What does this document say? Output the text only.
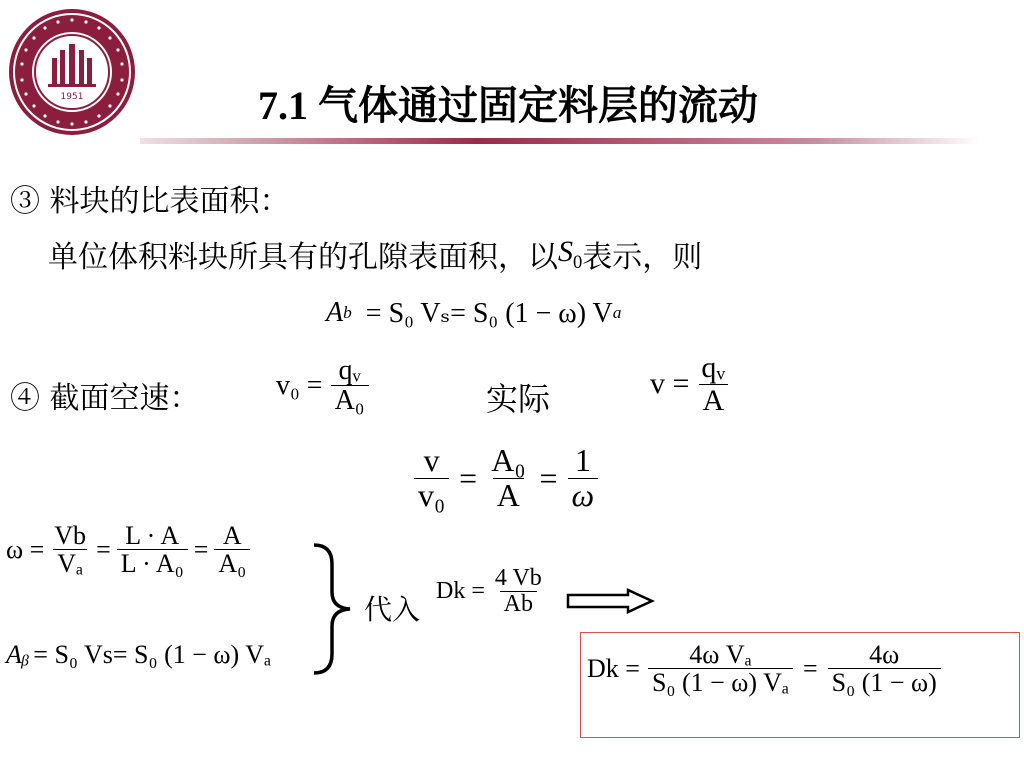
1951	7.1 气体通过固定料层的流动
③ 料块的比表面积：
单位体积料块所具有的孔隙表面积，以 $S_0$ 表示，则
A b = S₀ Vₛ= S₀ (1 − ω) V a
④ 截面空速：	$v_0 = \frac{\text{qᵥ}}{\text{A₀}}$	实际	$v = \frac{\text{qᵥ}}{A}$
$\frac{v}{\text{v₀}} = \frac{\text{A₀}}{A} = \frac{1}{\omega}$
$\omega = \frac{Vb}{\text{Vₐ}} = \frac{L \cdot A}{\text{L · A₀}} = \frac{A}{\text{A₀}}$
Aᵦ = S₀ Vs= S₀ (1 − ω) Vₐ
代入
$Dk = \frac{4 Vb}{Ab}$
$Dk = \frac{\text{4ω Vₐ}}{\text{S₀ (1 − ω) Vₐ}} = \frac{4\omega}{\text{S₀ (1 − ω)}}$
